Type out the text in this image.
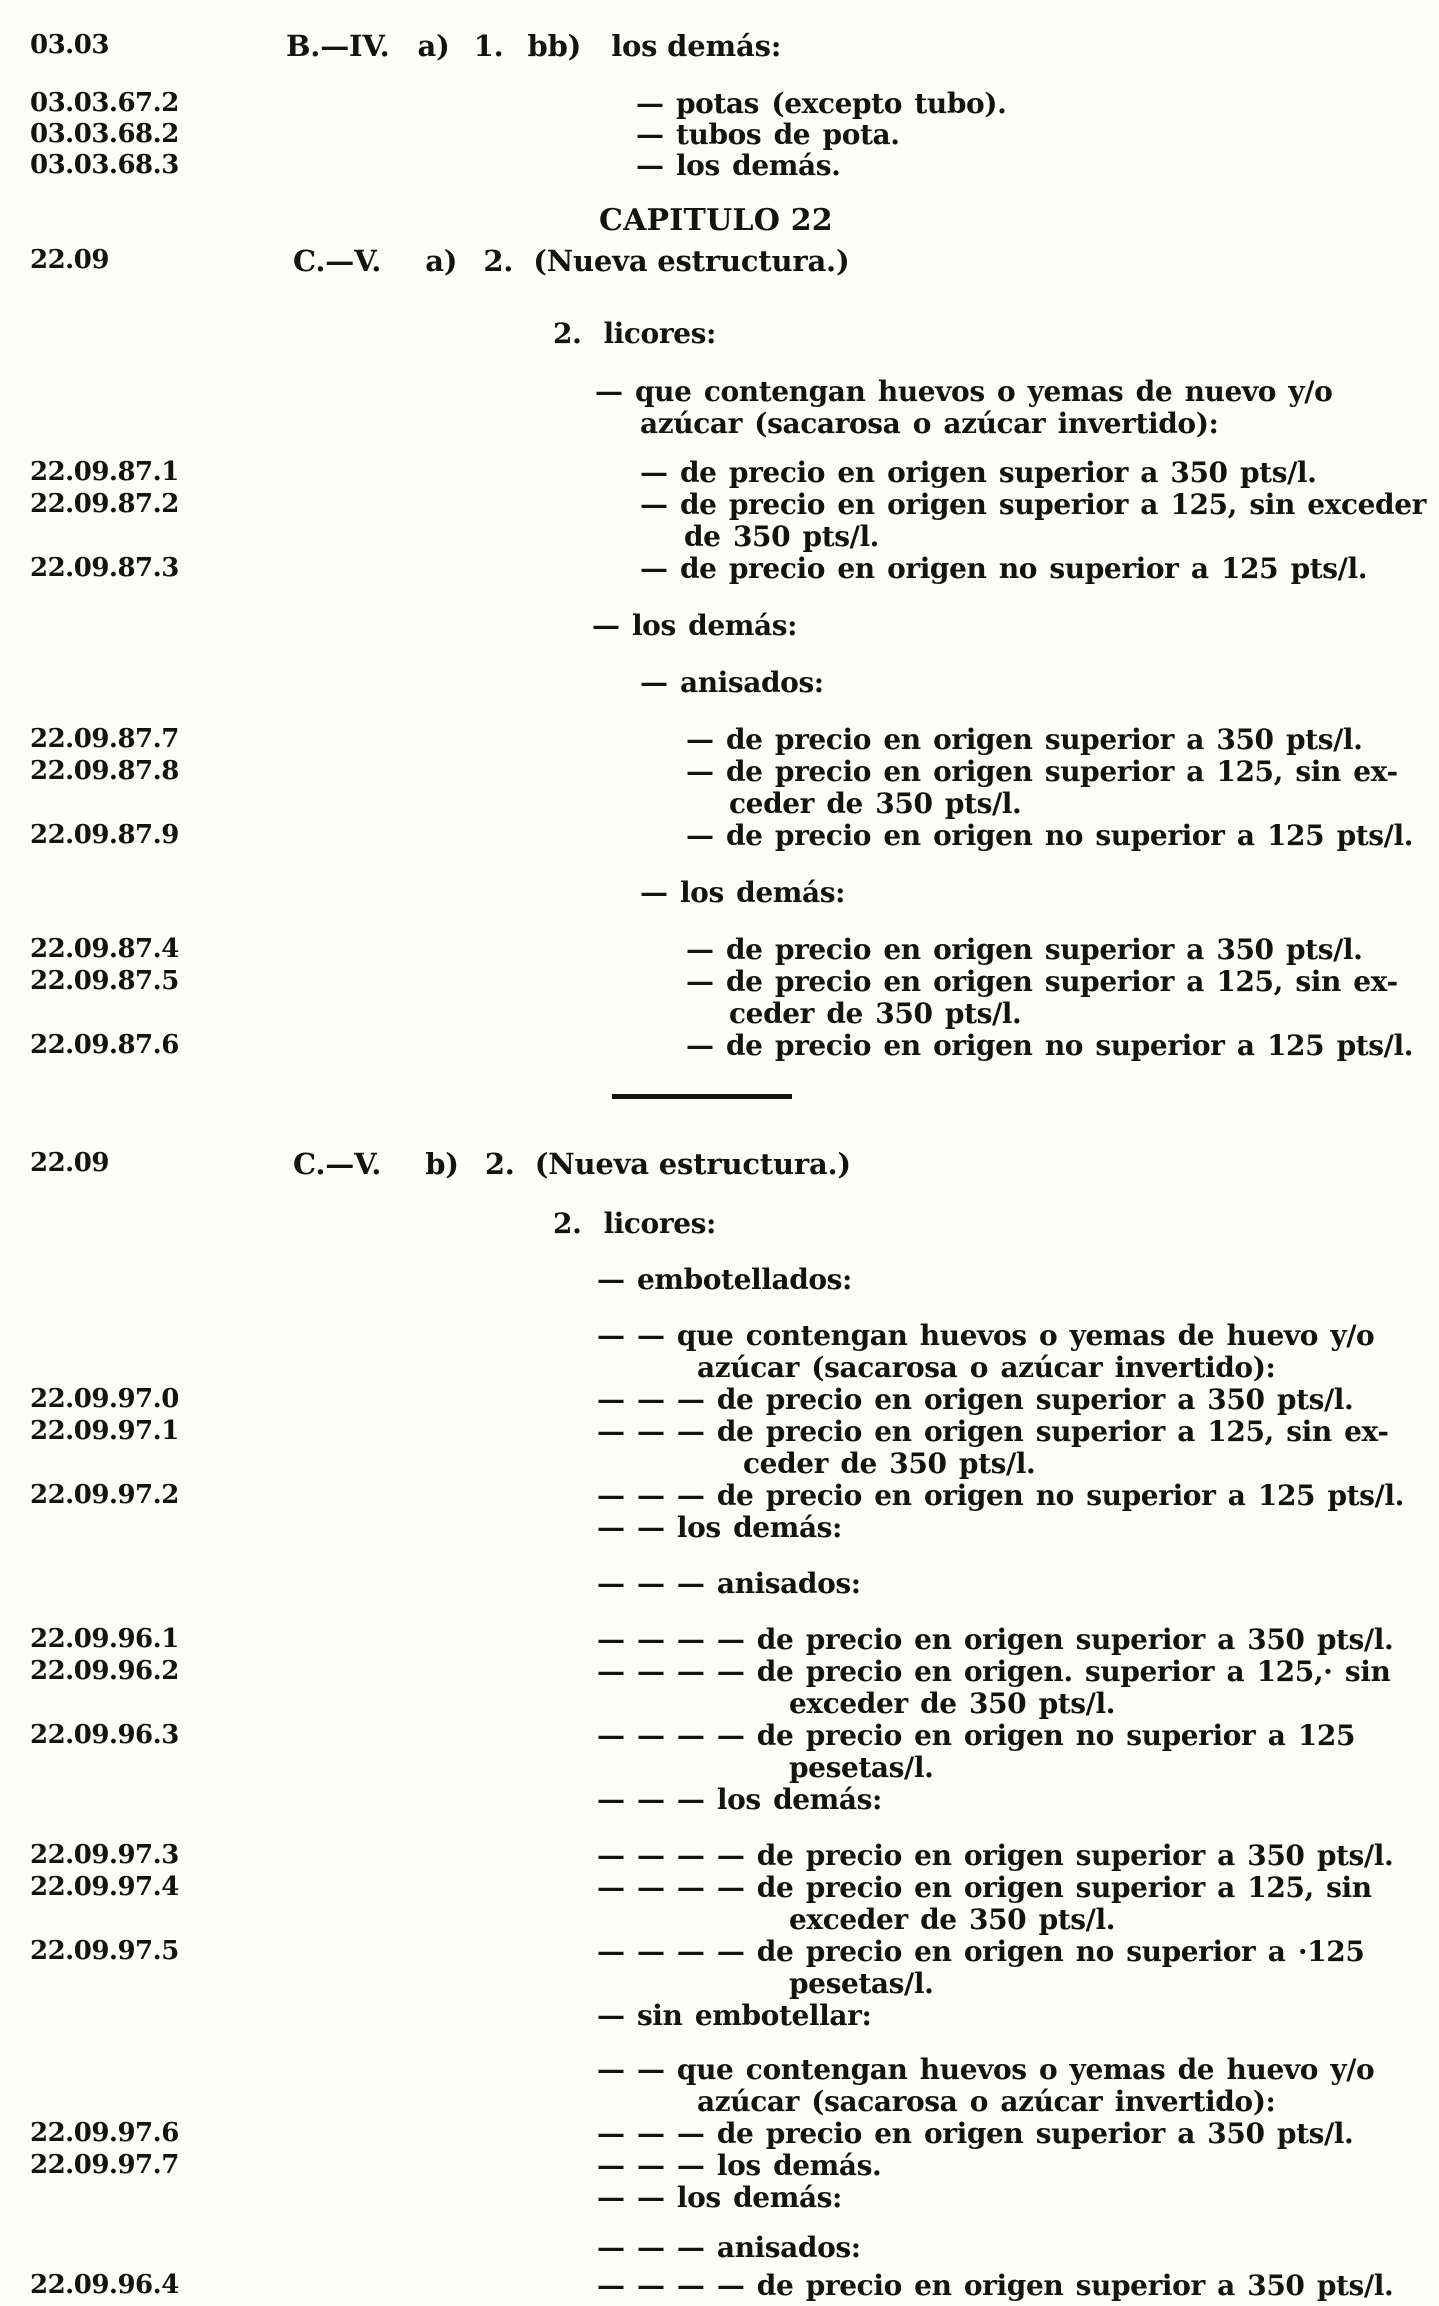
03.03	B.—IV. a) 1. bb) los demás:
03.03.67.2	— potas (excepto tubo).
03.03.68.2	— tubos de pota.
03.03.68.3	— los demás.
CAPITULO 22
22.09	C.—V. a) 2. (Nueva estructura.)
2. licores:
— que contengan huevos o yemas de nuevo y/o
azúcar (sacarosa o azúcar invertido):
22.09.87.1	— de precio en origen superior a 350 pts/l.
22.09.87.2	— de precio en origen superior a 125, sin exceder
de 350 pts/l.
22.09.87.3	— de precio en origen no superior a 125 pts/l.
— los demás:
— anisados:
22.09.87.7	— de precio en origen superior a 350 pts/l.
22.09.87.8	— de precio en origen superior a 125, sin ex-
ceder de 350 pts/l.
22.09.87.9	— de precio en origen no superior a 125 pts/l.
— los demás:
22.09.87.4	— de precio en origen superior a 350 pts/l.
22.09.87.5	— de precio en origen superior a 125, sin ex-
ceder de 350 pts/l.
22.09.87.6	— de precio en origen no superior a 125 pts/l.
22.09	C.—V. b) 2. (Nueva estructura.)
2. licores:
— embotellados:
— — que contengan huevos o yemas de huevo y/o
azúcar (sacarosa o azúcar invertido):
22.09.97.0	— — — de precio en origen superior a 350 pts/l.
22.09.97.1	— — — de precio en origen superior a 125, sin ex-
ceder de 350 pts/l.
22.09.97.2	— — — de precio en origen no superior a 125 pts/l.
— — los demás:
— — — anisados:
22.09.96.1	— — — — de precio en origen superior a 350 pts/l.
22.09.96.2	— — — — de precio en origen. superior a 125,· sin
exceder de 350 pts/l.
22.09.96.3	— — — — de precio en origen no superior a 125
pesetas/l.
— — — los demás:
22.09.97.3	— — — — de precio en origen superior a 350 pts/l.
22.09.97.4	— — — — de precio en origen superior a 125, sin
exceder de 350 pts/l.
22.09.97.5	— — — — de precio en origen no superior a ·125
pesetas/l.
— sin embotellar:
— — que contengan huevos o yemas de huevo y/o
azúcar (sacarosa o azúcar invertido):
22.09.97.6	— — — de precio en origen superior a 350 pts/l.
22.09.97.7	— — — los demás.
— — los demás:
— — — anisados:
22.09.96.4	— — — — de precio en origen superior a 350 pts/l.
